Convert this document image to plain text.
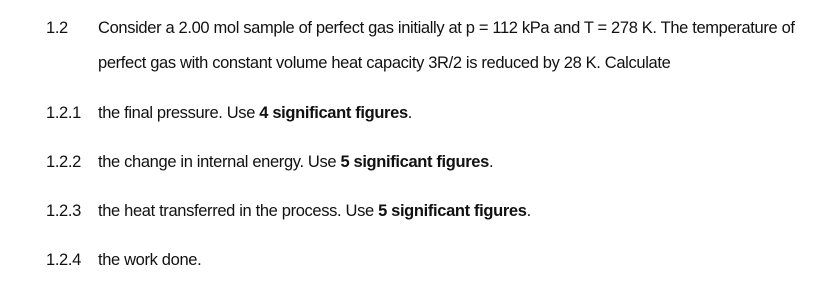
1.2 Consider a 2.00 mol sample of perfect gas initially at p = 112 kPa and T = 278 K. The temperature of
perfect gas with constant volume heat capacity 3R/2 is reduced by 28 K. Calculate
1.2.1 the final pressure. Use 4 significant figures.
1.2.2 the change in internal energy. Use 5 significant figures.
1.2.3 the heat transferred in the process. Use 5 significant figures.
1.2.4 the work done.
